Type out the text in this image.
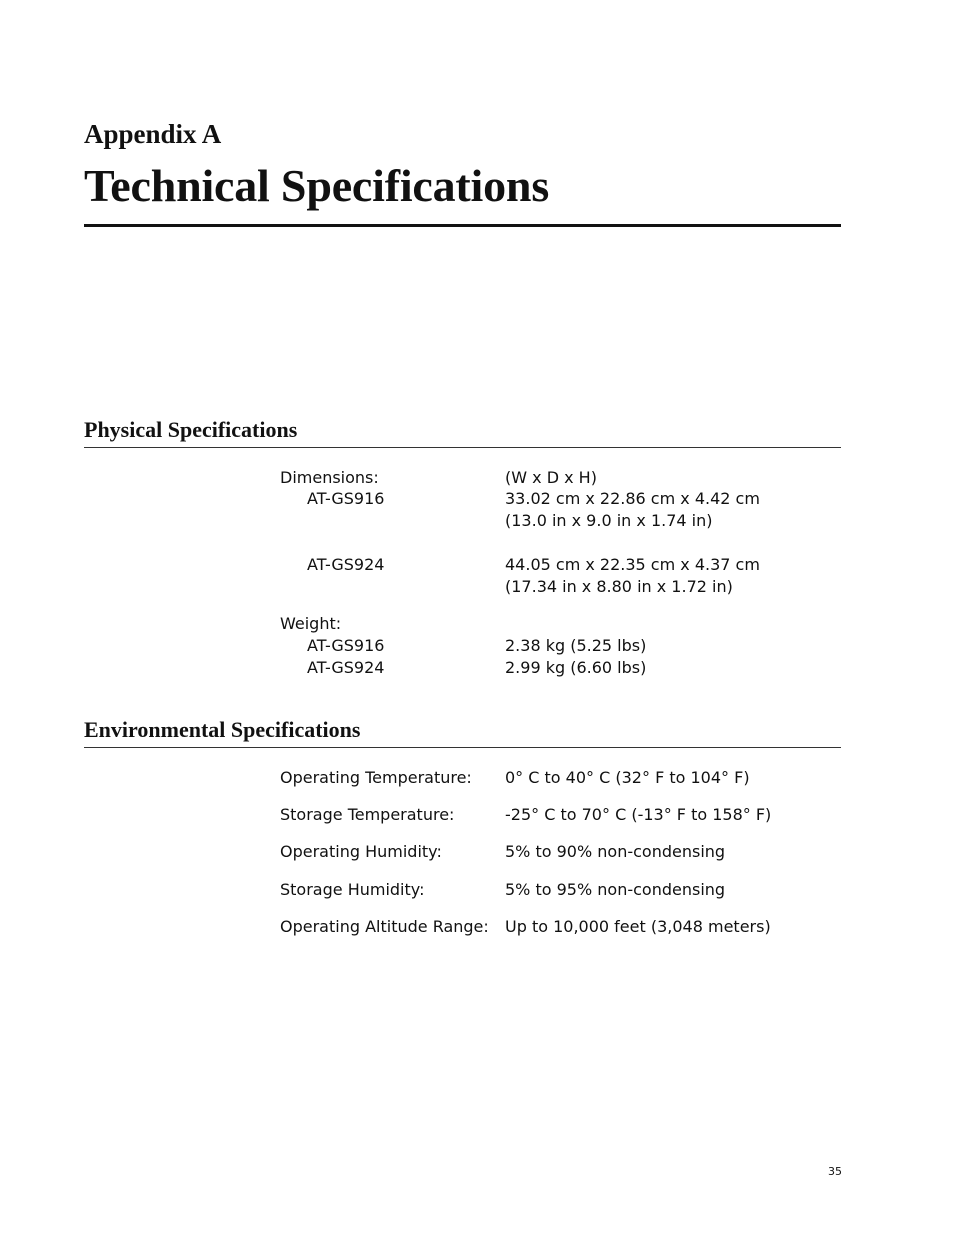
Appendix A
Technical Specifications
Physical Specifications
Dimensions:	(W x D x H)
AT-GS916	33.02 cm x 22.86 cm x 4.42 cm
(13.0 in x 9.0 in x 1.74 in)
AT-GS924	44.05 cm x 22.35 cm x 4.37 cm
(17.34 in x 8.80 in x 1.72 in)
Weight:
AT-GS916	2.38 kg (5.25 lbs)
AT-GS924	2.99 kg (6.60 lbs)
Environmental Specifications
Operating Temperature: 0° C to 40° C (32° F to 104° F)
Storage Temperature:	-25° C to 70° C (-13° F to 158° F)
Operating Humidity:	5% to 90% non-condensing
Storage Humidity:	5% to 95% non-condensing
Operating Altitude Range: Up to 10,000 feet (3,048 meters)
35
